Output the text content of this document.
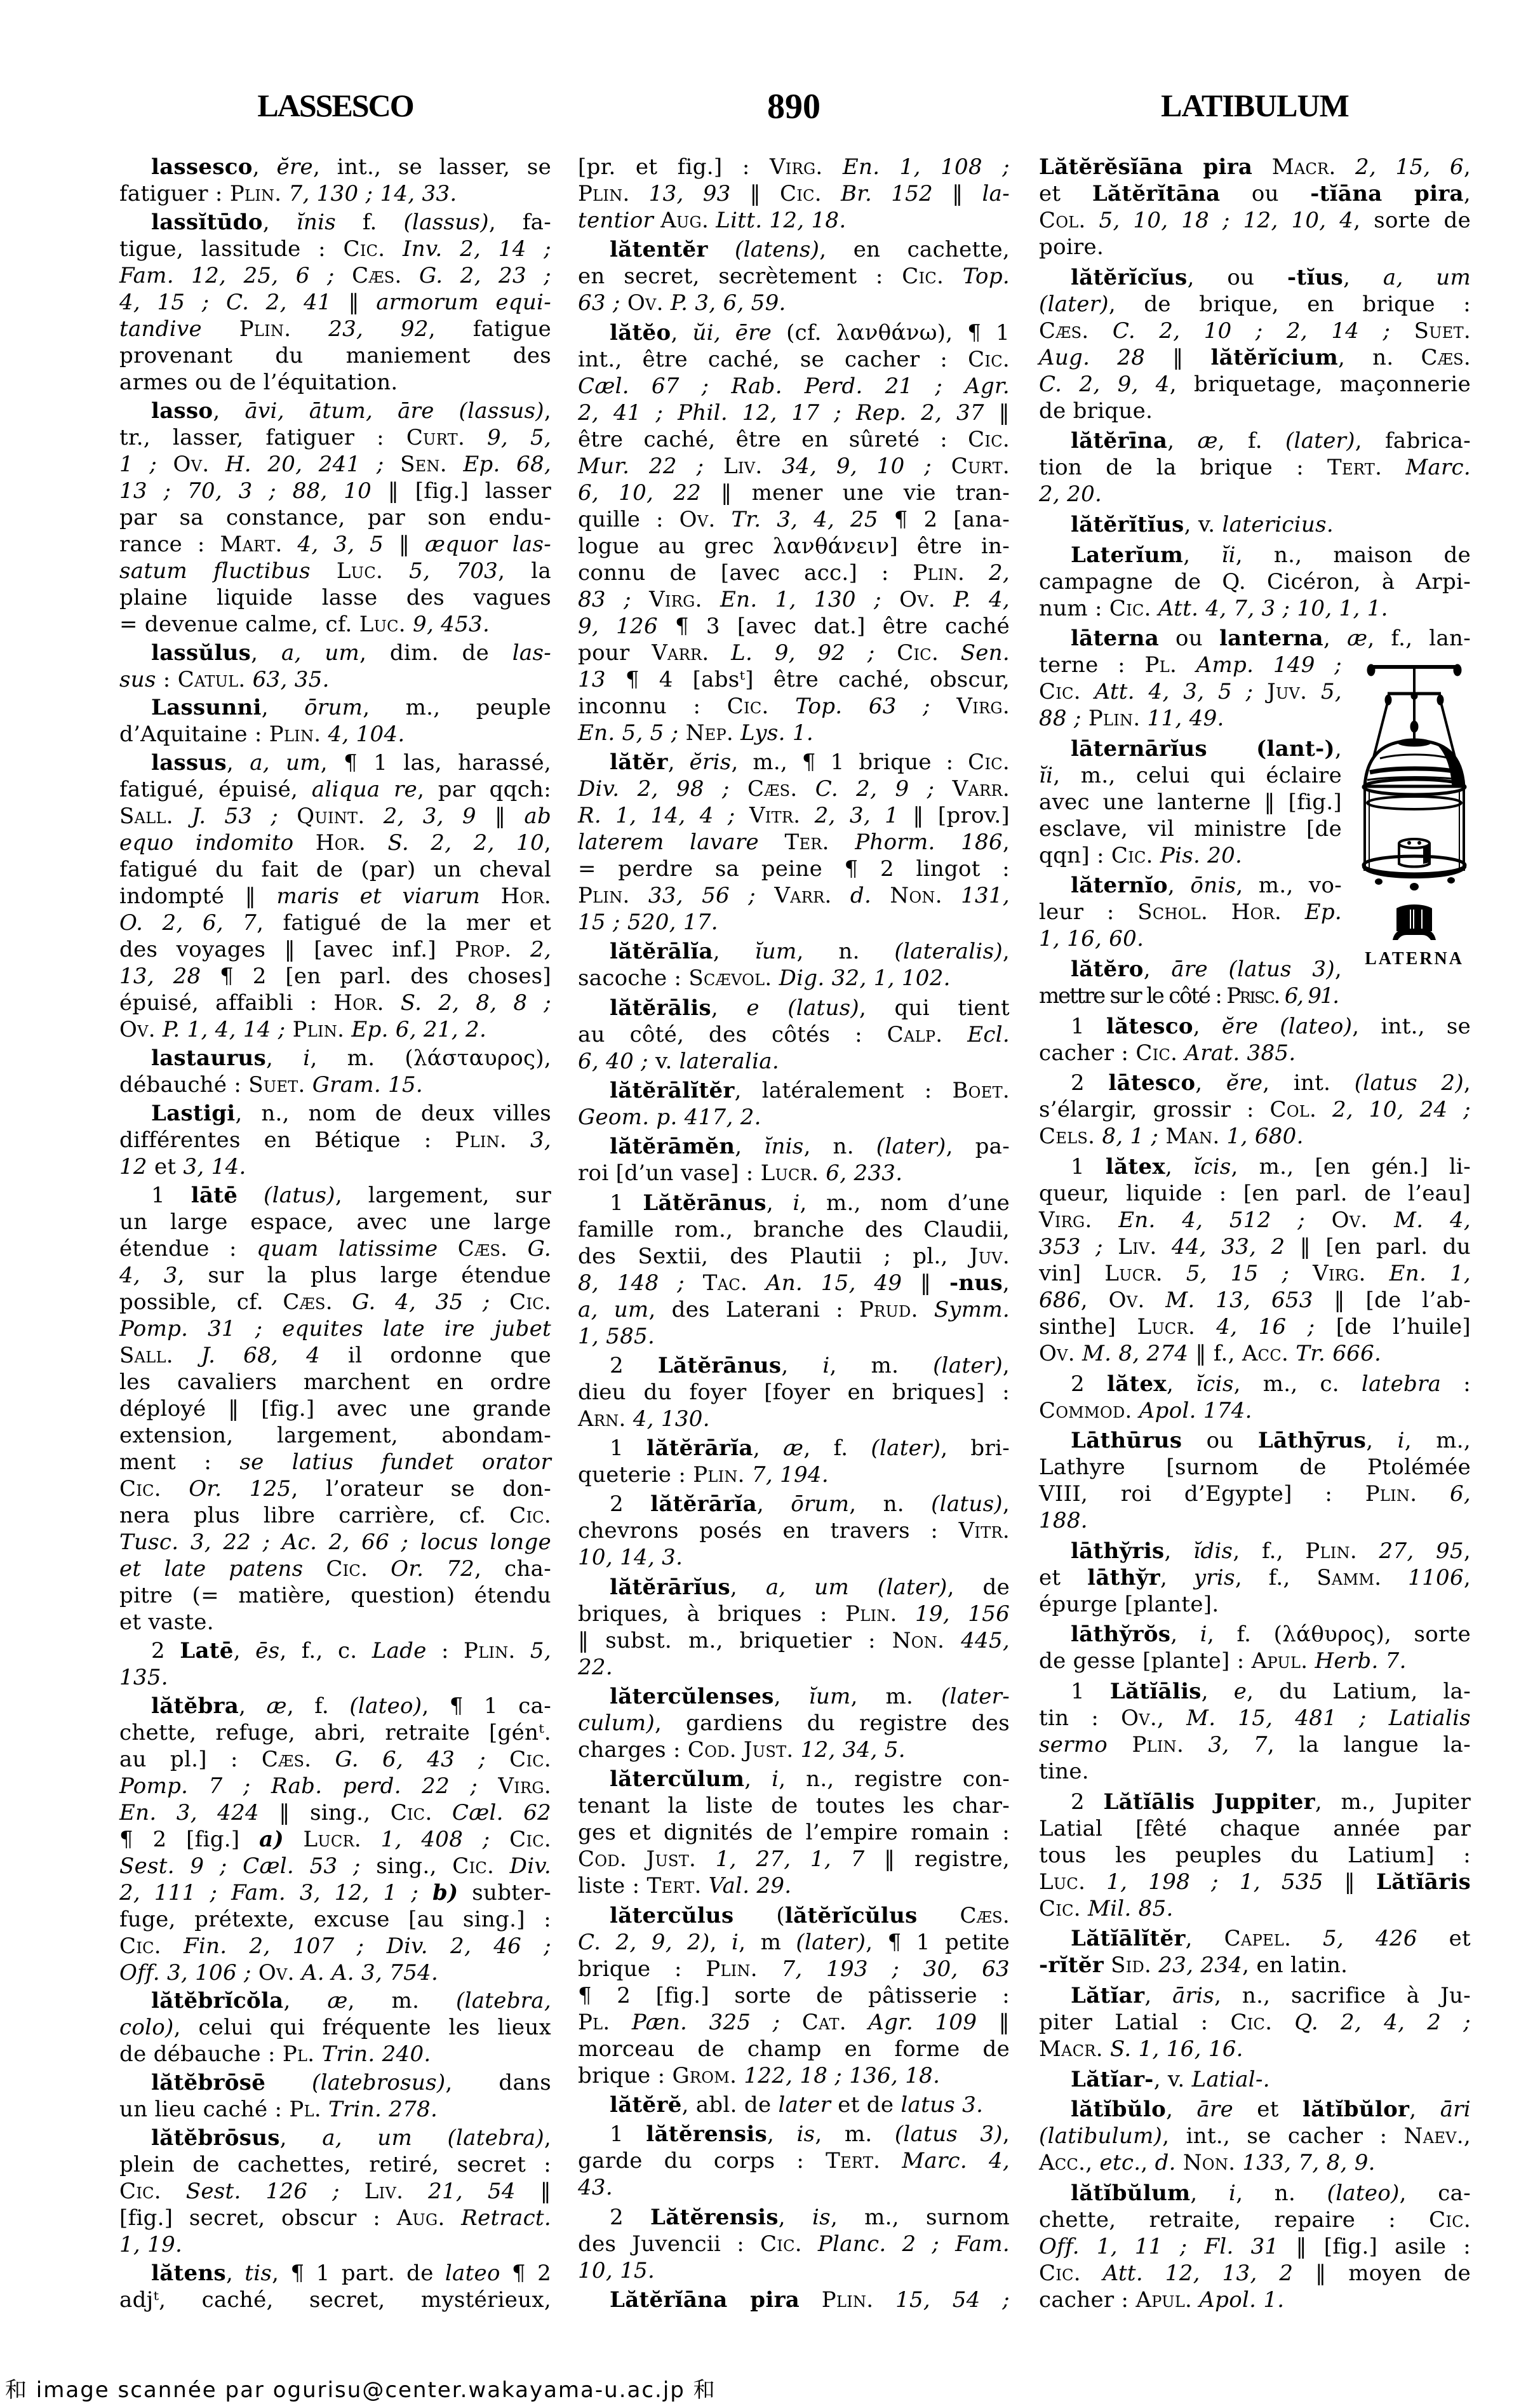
LASSESCO	890	LATIBULUM
lassesco, ĕre, int., se lasser, se
fatiguer : Plin. 7, 130 ; 14, 33.
lassĭtūdo, ĭnis f. (lassus), fa-
tigue, lassitude : Cic. Inv. 2, 14 ;
Fam. 12, 25, 6 ; Cæs. G. 2, 23 ;
4, 15 ; C. 2, 41 ‖ armorum equi-
tandive Plin. 23, 92, fatigue
provenant du maniement des
armes ou de l’équitation.
lasso, āvi, ātum, āre (lassus),
tr., lasser, fatiguer : Curt. 9, 5,
1 ; Ov. H. 20, 241 ; Sen. Ep. 68,
13 ; 70, 3 ; 88, 10 ‖ [fig.] lasser
par sa constance, par son endu-
rance : Mart. 4, 3, 5 ‖ æquor las-
satum fluctibus Luc. 5, 703, la
plaine liquide lasse des vagues
= devenue calme, cf. Luc. 9, 453.
lassŭlus, a, um, dim. de las-
sus : Catul. 63, 35.
Lassunni, ōrum, m., peuple
d’Aquitaine : Plin. 4, 104.
lassus, a, um, ¶ 1 las, harassé,
fatigué, épuisé, aliqua re, par qqch:
Sall. J. 53 ; Quint. 2, 3, 9 ‖ ab
equo indomito Hor. S. 2, 2, 10,
fatigué du fait de (par) un cheval
indompté ‖ maris et viarum Hor.
O. 2, 6, 7, fatigué de la mer et
des voyages ‖ [avec inf.] Prop. 2,
13, 28 ¶ 2 [en parl. des choses]
épuisé, affaibli : Hor. S. 2, 8, 8 ;
Ov. P. 1, 4, 14 ; Plin. Ep. 6, 21, 2.
lastaurus, i, m. (λάσταυρος),
débauché : Suet. Gram. 15.
Lastigi, n., nom de deux villes
différentes en Bétique : Plin. 3,
12 et 3, 14.
1 lātē (latus), largement, sur
un large espace, avec une large
étendue : quam latissime Cæs. G.
4, 3, sur la plus large étendue
possible, cf. Cæs. G. 4, 35 ; Cic.
Pomp. 31 ; equites late ire jubet
Sall. J. 68, 4 il ordonne que
les cavaliers marchent en ordre
déployé ‖ [fig.] avec une grande
extension, largement, abondam-
ment : se latius fundet orator
Cic. Or. 125, l’orateur se don-
nera plus libre carrière, cf. Cic.
Tusc. 3, 22 ; Ac. 2, 66 ; locus longe
et late patens Cic. Or. 72, cha-
pitre (= matière, question) étendu
et vaste.
2 Latē, ēs, f., c. Lade : Plin. 5,
135.
lătĕbra, æ, f. (lateo), ¶ 1 ca-
chette, refuge, abri, retraite [génᵗ.
au pl.] : Cæs. G. 6, 43 ; Cic.
Pomp. 7 ; Rab. perd. 22 ; Virg.
En. 3, 424 ‖ sing., Cic. Cæl. 62
¶ 2 [fig.] a) Lucr. 1, 408 ; Cic.
Sest. 9 ; Cæl. 53 ; sing., Cic. Div.
2, 111 ; Fam. 3, 12, 1 ; b) subter-
fuge, prétexte, excuse [au sing.] :
Cic. Fin. 2, 107 ; Div. 2, 46 ;
Off. 3, 106 ; Ov. A. A. 3, 754.
lătĕbrĭcŏla, æ, m. (latebra,
colo), celui qui fréquente les lieux
de débauche : Pl. Trin. 240.
lătĕbrōsē (latebrosus), dans
un lieu caché : Pl. Trin. 278.
lătĕbrōsus, a, um (latebra),
plein de cachettes, retiré, secret :
Cic. Sest. 126 ; Liv. 21, 54 ‖
[fig.] secret, obscur : Aug. Retract.
1, 19.
lătens, tis, ¶ 1 part. de lateo ¶ 2
adjᵗ, caché, secret, mystérieux,
[pr. et fig.] : Virg. En. 1, 108 ;
Plin. 13, 93 ‖ Cic. Br. 152 ‖ la-
tentior Aug. Litt. 12, 18.
lătentĕr (latens), en cachette,
en secret, secrètement : Cic. Top.
63 ; Ov. P. 3, 6, 59.
lătĕo, ŭi, ēre (cf. λανθάνω), ¶ 1
int., être caché, se cacher : Cic.
Cæl. 67 ; Rab. Perd. 21 ; Agr.
2, 41 ; Phil. 12, 17 ; Rep. 2, 37 ‖
être caché, être en sûreté : Cic.
Mur. 22 ; Liv. 34, 9, 10 ; Curt.
6, 10, 22 ‖ mener une vie tran-
quille : Ov. Tr. 3, 4, 25 ¶ 2 [ana-
logue au grec λανθάνειν] être in-
connu de [avec acc.] : Plin. 2,
83 ; Virg. En. 1, 130 ; Ov. P. 4,
9, 126 ¶ 3 [avec dat.] être caché
pour Varr. L. 9, 92 ; Cic. Sen.
13 ¶ 4 [absᵗ] être caché, obscur,
inconnu : Cic. Top. 63 ; Virg.
En. 5, 5 ; Nep. Lys. 1.
lătĕr, ĕris, m., ¶ 1 brique : Cic.
Div. 2, 98 ; Cæs. C. 2, 9 ; Varr.
R. 1, 14, 4 ; Vitr. 2, 3, 1 ‖ [prov.]
laterem lavare Ter. Phorm. 186,
= perdre sa peine ¶ 2 lingot :
Plin. 33, 56 ; Varr. d. Non. 131,
15 ; 520, 17.
lătĕrālĭa, ĭum, n. (lateralis),
sacoche : Scævol. Dig. 32, 1, 102.
lătĕrālis, e (latus), qui tient
au côté, des côtés : Calp. Ecl.
6, 40 ; v. lateralia.
lătĕrālĭtĕr, latéralement : Boet.
Geom. p. 417, 2.
lătĕrāmĕn, ĭnis, n. (later), pa-
roi [d’un vase] : Lucr. 6, 233.
1 Lătĕrānus, i, m., nom d’une
famille rom., branche des Claudii,
des Sextii, des Plautii ; pl., Juv.
8, 148 ; Tac. An. 15, 49 ‖ -nus,
a, um, des Laterani : Prud. Symm.
1, 585.
2 Lătĕrānus, i, m. (later),
dieu du foyer [foyer en briques] :
Arn. 4, 130.
1 lătĕrārĭa, æ, f. (later), bri-
queterie : Plin. 7, 194.
2 lătĕrārĭa, ōrum, n. (latus),
chevrons posés en travers : Vitr.
10, 14, 3.
lătĕrārĭus, a, um (later), de
briques, à briques : Plin. 19, 156
‖ subst. m., briquetier : Non. 445,
22.
lătercŭlenses, ĭum, m. (later-
culum), gardiens du registre des
charges : Cod. Just. 12, 34, 5.
lătercŭlum, i, n., registre con-
tenant la liste de toutes les char-
ges et dignités de l’empire romain :
Cod. Just. 1, 27, 1, 7 ‖ registre,
liste : Tert. Val. 29.
lătercŭlus (lătĕrĭcŭlus Cæs.
C. 2, 9, 2), i, m (later), ¶ 1 petite
brique : Plin. 7, 193 ; 30, 63
¶ 2 [fig.] sorte de pâtisserie :
Pl. Pæn. 325 ; Cat. Agr. 109 ‖
morceau de champ en forme de
brique : Grom. 122, 18 ; 136, 18.
lătĕrĕ, abl. de later et de latus 3.
1 lătĕrensis, is, m. (latus 3),
garde du corps : Tert. Marc. 4,
43.
2 Lătĕrensis, is, m., surnom
des Juvencii : Cic. Planc. 2 ; Fam.
10, 15.
Lătĕrĭāna pira Plin. 15, 54 ;
Lătĕrĕsĭāna pira Macr. 2, 15, 6,
et Lătĕrĭtāna ou -tĭāna pira,
Col. 5, 10, 18 ; 12, 10, 4, sorte de
poire.
lătĕrĭcĭus, ou -tĭus, a, um
(later), de brique, en brique :
Cæs. C. 2, 10 ; 2, 14 ; Suet.
Aug. 28 ‖ lătĕrĭcium, n. Cæs.
C. 2, 9, 4, briquetage, maçonnerie
de brique.
lătĕrīna, æ, f. (later), fabrica-
tion de la brique : Tert. Marc.
2, 20.
lătĕrĭtĭus, v. latericius.
Laterĭum, ĭi, n., maison de
campagne de Q. Cicéron, à Arpi-
num : Cic. Att. 4, 7, 3 ; 10, 1, 1.
lāterna ou lanterna, æ, f., lan-
LATERNA
terne : Pl. Amp. 149 ;
Cic. Att. 4, 3, 5 ; Juv. 5,
88 ; Plin. 11, 49.
lāternārĭus (lant-),
ĭi, m., celui qui éclaire
avec une lanterne ‖ [fig.]
esclave, vil ministre [de
qqn] : Cic. Pis. 20.
lăternĭo, ōnis, m., vo-
leur : Schol. Hor. Ep.
1, 16, 60.
lătĕro, āre (latus 3),
mettre sur le côté : Prisc. 6, 91.
1 lătesco, ĕre (lateo), int., se
cacher : Cic. Arat. 385.
2 lātesco, ĕre, int. (latus 2),
s’élargir, grossir : Col. 2, 10, 24 ;
Cels. 8, 1 ; Man. 1, 680.
1 lătex, ĭcis, m., [en gén.] li-
queur, liquide : [en parl. de l’eau]
Virg. En. 4, 512 ; Ov. M. 4,
353 ; Liv. 44, 33, 2 ‖ [en parl. du
vin] Lucr. 5, 15 ; Virg. En. 1,
686, Ov. M. 13, 653 ‖ [de l’ab-
sinthe] Lucr. 4, 16 ; [de l’huile]
Ov. M. 8, 274 ‖ f., Acc. Tr. 666.
2 lătex, ĭcis, m., c. latebra :
Commod. Apol. 174.
Lāthūrus ou Lāthȳrus, i, m.,
Lathyre [surnom de Ptolémée
VIII, roi d’Egypte] : Plin. 6,
188.
lāthy̆ris, ĭdis, f., Plin. 27, 95,
et lāthy̆r, yris, f., Samm. 1106,
épurge [plante].
lāthy̆rŏs, i, f. (λάθυρος), sorte
de gesse [plante] : Apul. Herb. 7.
1 Lătĭālis, e, du Latium, la-
tin : Ov., M. 15, 481 ; Latialis
sermo Plin. 3, 7, la langue la-
tine.
2 Lătĭālis Juppiter, m., Jupiter
Latial [fêté chaque année par
tous les peuples du Latium] :
Luc. 1, 198 ; 1, 535 ‖ Lătĭāris
Cic. Mil. 85.
Lătĭālĭtĕr, Capel. 5, 426 et
-rĭtĕr Sid. 23, 234, en latin.
Lătĭar, āris, n., sacrifice à Ju-
piter Latial : Cic. Q. 2, 4, 2 ;
Macr. S. 1, 16, 16.
Lătĭar-, v. Latial-.
lătĭbŭlo, āre et lătĭbŭlor, āri
(latibulum), int., se cacher : Naev.,
Acc., etc., d. Non. 133, 7, 8, 9.
lătĭbŭlum, i, n. (lateo), ca-
chette, retraite, repaire : Cic.
Off. 1, 11 ; Fl. 31 ‖ [fig.] asile :
Cic. Att. 12, 13, 2 ‖ moyen de
cacher : Apul. Apol. 1.
和 image scannée par ogurisu@center.wakayama-u.ac.jp 和
